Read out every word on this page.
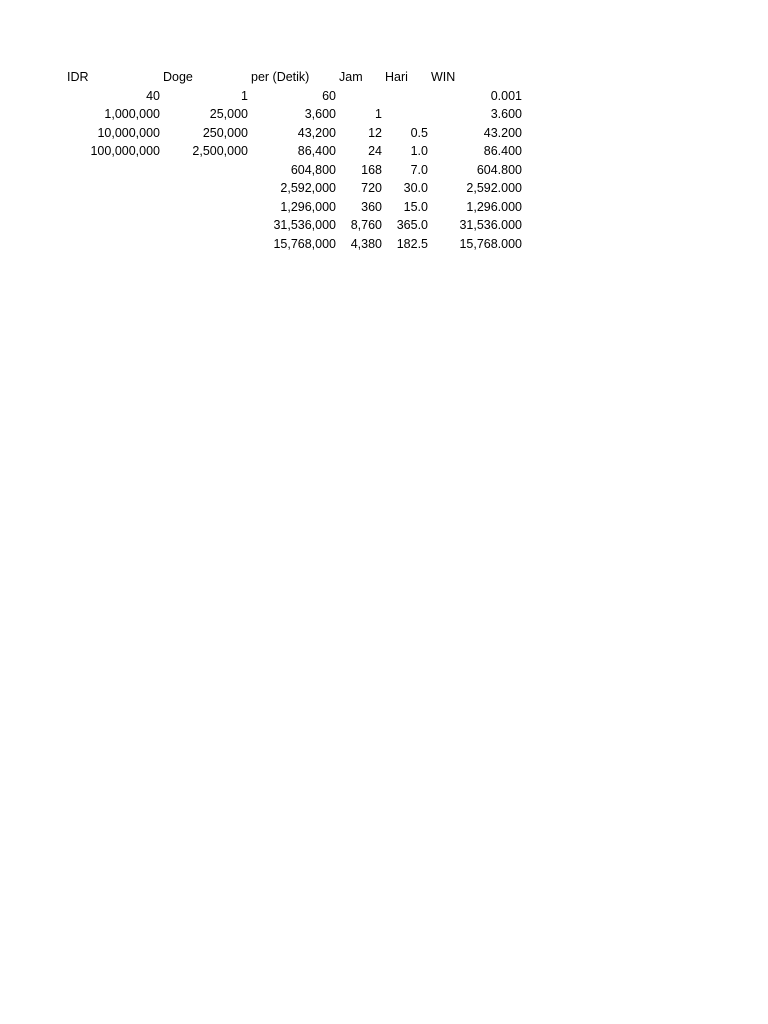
IDR	Doge	per (Detik)	Jam	Hari	WIN
40	1	60			0.001
1,000,000	25,000	3,600	1		3.600
10,000,000	250,000	43,200	12	0.5	43.200
100,000,000	2,500,000	86,400	24	1.0	86.400
		604,800	168	7.0	604.800
		2,592,000	720	30.0	2,592.000
		1,296,000	360	15.0	1,296.000
		31,536,000	8,760	365.0	31,536.000
		15,768,000	4,380	182.5	15,768.000
